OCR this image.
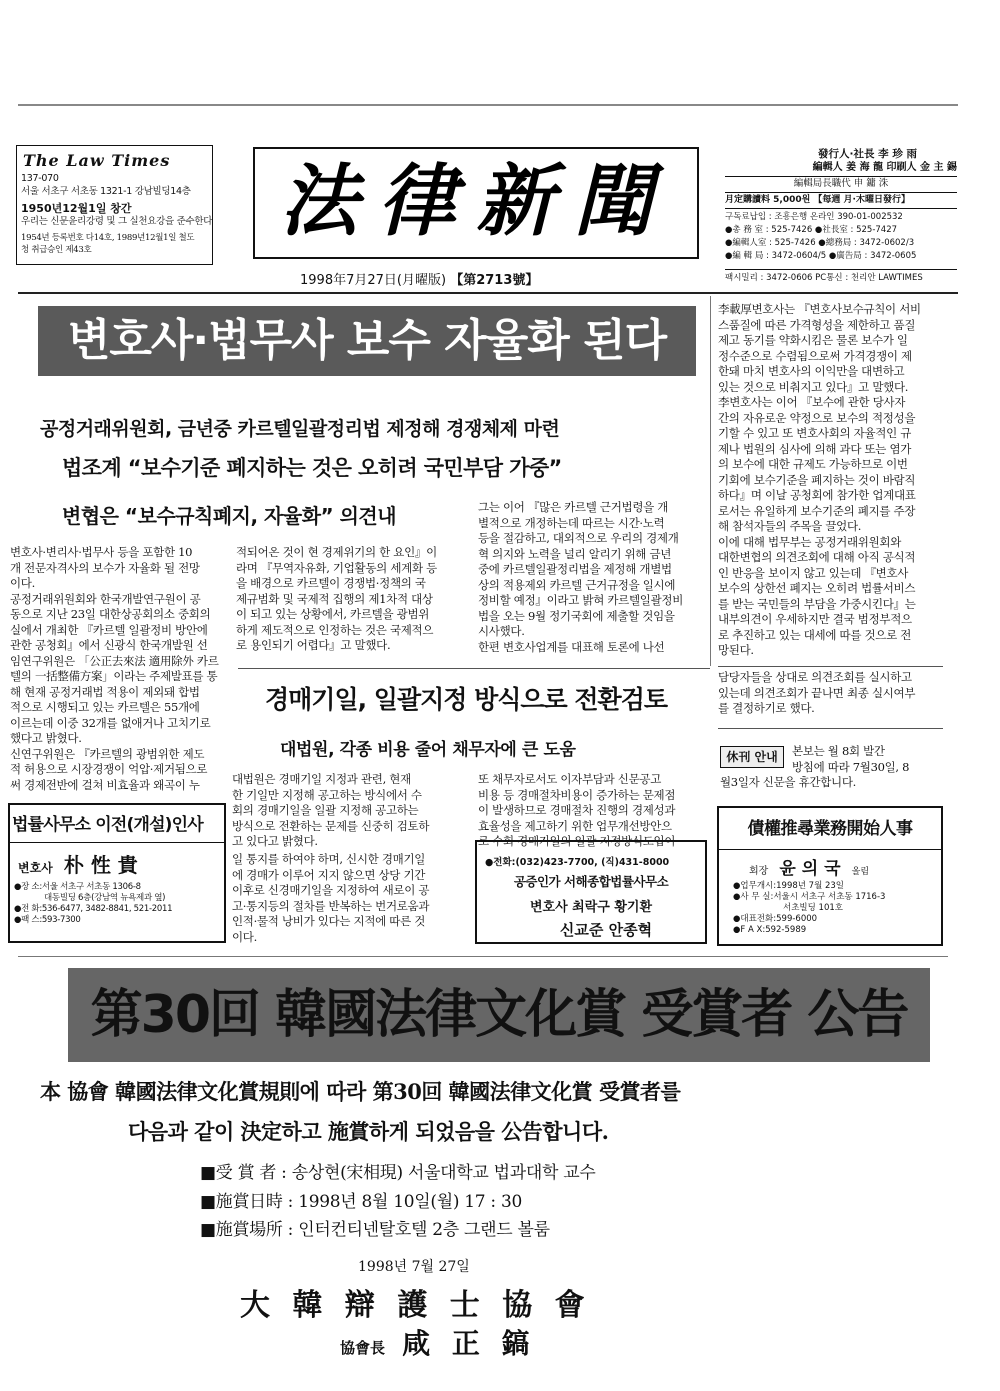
The Law Times
137-070
서울 서초구 서초동 1321-1 강남빌딩14층
1950년12월1일 창간
우리는 신문윤리강령 및 그 실천요강을 준수한다
1954년 등록번호 다14호, 1989년12월1일 철도
청 취급승인 제43호
法律新聞
1998年7月27日(月曜版) 【第2713號】
發行人·社長 李 珍 雨
編輯人 姜 海 龍 印刷人 金 主 錫
編輯局長職代 申 鏞 洙
月定購讀料 5,000원 【每週 月·木曜日發行】
구독료납입 : 조흥은행 온라인 390-01-002532
●총 務 室 : 525-7426 ●社長室 : 525-7427
●編輯人室 : 525-7426 ●總務局 : 3472-0602/3
●編 輯 局 : 3472-0604/5 ●廣告局 : 3472-0605
팩시밀리 : 3472-0606 PC통신 : 천리안 LAWTIMES
변호사·법무사 보수 자율화 된다
공정거래위원회, 금년중 카르텔일괄정리법 제정해 경쟁체제 마련
법조계 “보수기준 폐지하는 것은 오히려 국민부담 가중”
변협은 “보수규칙폐지, 자율화” 의견내
변호사·변리사·법무사 등을 포함한 10
개 전문자격사의 보수가 자율화 될 전망
이다.
공정거래위원회와 한국개발연구원이 공
동으로 지난 23일 대한상공회의소 중회의
실에서 개최한 『카르텔 일괄정비 방안에
관한 공청회』에서 신광식 한국개발원 선
임연구위원은 「公正去來法 適用除外 카르
텔의 一括整備方案」이라는 주제발표를 통
해 현재 공정거래법 적용이 제외돼 합법
적으로 시행되고 있는 카르텔은 55개에
이르는데 이중 32개를 없애거나 고치기로
했다고 밝혔다.
신연구위원은 『카르텔의 광범위한 제도
적 허용으로 시장경쟁이 억압·제거됨으로
써 경제전반에 걸쳐 비효율과 왜곡이 누
적되어온 것이 현 경제위기의 한 요인』이
라며 『무역자유화, 기업활동의 세계화 등
을 배경으로 카르텔이 경쟁법·정책의 국
제규범화 및 국제적 집행의 제1차적 대상
이 되고 있는 상황에서, 카르텔을 광범위
하게 제도적으로 인정하는 것은 국제적으
로 용인되기 어렵다』고 말했다.
그는 이어 『많은 카르텔 근거법령을 개
별적으로 개정하는데 따르는 시간·노력
등을 절감하고, 대외적으로 우리의 경제개
혁 의지와 노력을 널리 알리기 위해 금년
중에 카르텔일괄정리법을 제정해 개별법
상의 적용제외 카르텔 근거규정을 일시에
정비할 예정』이라고 밝혀 카르텔일괄정비
법을 오는 9월 정기국회에 제출할 것임을
시사했다.
한편 변호사업계를 대표해 토론에 나선
李載厚변호사는 『변호사보수규칙이 서비
스품질에 따른 가격형성을 제한하고 품질
제고 동기를 약화시킴은 물론 보수가 일
정수준으로 수렴됨으로써 가격경쟁이 제
한돼 마치 변호사의 이익만을 대변하고
있는 것으로 비춰지고 있다』고 말했다.
李변호사는 이어 『보수에 관한 당사자
간의 자유로운 약정으로 보수의 적정성을
기할 수 있고 또 변호사회의 자율적인 규
제나 법원의 심사에 의해 과다 또는 염가
의 보수에 대한 규제도 가능하므로 이번
기회에 보수기준을 폐지하는 것이 바람직
하다』며 이날 공청회에 참가한 업계대표
로서는 유일하게 보수기준의 폐지를 주장
해 참석자들의 주목을 끌었다.
이에 대해 법무부는 공정거래위원회와
대한변협의 의견조회에 대해 아직 공식적
인 반응을 보이지 않고 있는데 『변호사
보수의 상한선 폐지는 오히려 법률서비스
를 받는 국민들의 부담을 가중시킨다』는
내부의견이 우세하지만 결국 범정부적으
로 추진하고 있는 대세에 따를 것으로 전
망된다.
경매기일, 일괄지정 방식으로 전환검토
대법원, 각종 비용 줄어 채무자에 큰 도움
대법원은 경매기일 지정과 관련, 현재
한 기일만 지정해 공고하는 방식에서 수
회의 경매기일을 일괄 지정해 공고하는
방식으로 전환하는 문제를 신중히 검토하
고 있다고 밝혔다.
또 채무자로서도 이자부담과 신문공고
비용 등 경매절차비용이 증가하는 문제점
이 발생하므로 경매절차 진행의 경제성과
효율성을 제고하기 위한 업무개선방안으
로 수회 경매기일의 일괄 지정방식도입이
담당자들을 상대로 의견조회를 실시하고
있는데 의견조회가 끝나면 최종 실시여부
를 결정하기로 했다.
일 통지를 하여야 하며, 신시한 경매기일
에 경매가 이루어 지지 않으면 상당 기간
이후로 신경매기일을 지정하여 새로이 공
고·통지등의 절차를 반복하는 번거로움과
인적·물적 낭비가 있다는 지적에 따른 것
이다.
休刊 안내	본보는 월 8회 발간
방침에 따라 7월30일, 8
월3일자 신문을 휴간합니다.
법률사무소 이전(개설)인사
변호사 朴 性 貴
●장 소:서울 서초구 서초동 1306-8
대동빌딩 6층(강남역 뉴욕제과 옆)
●전 화:536-6477, 3482-8841, 521-2011
●팩 스:593-7300
●전화:(032)423-7700, (직)431-8000
공증인가 서해종합법률사무소
변호사 최락구 황기환
신교준 안종혁
債權推尋業務開始人事
회장 윤 의 국 올림
●업무개시:1998년 7월 23일
●사 무 실:서울시 서초구 서초동 1716-3
서초빌딩 101호
●대표전화:599-6000
●F A X:592-5989
第30回 韓國法律文化賞 受賞者 公告
本 協會 韓國法律文化賞規則에 따라 第30回 韓國法律文化賞 受賞者를
다음과 같이 決定하고 施賞하게 되었음을 公告합니다.
■受 賞 者 : 송상현(宋相現) 서울대학교 법과대학 교수
■施賞日時 : 1998년 8월 10일(월) 17 : 30
■施賞場所 : 인터컨티넨탈호텔 2층 그랜드 볼룸
1998년 7월 27일
大 韓 辯 護 士 協 會
協會長 咸 正 鎬
